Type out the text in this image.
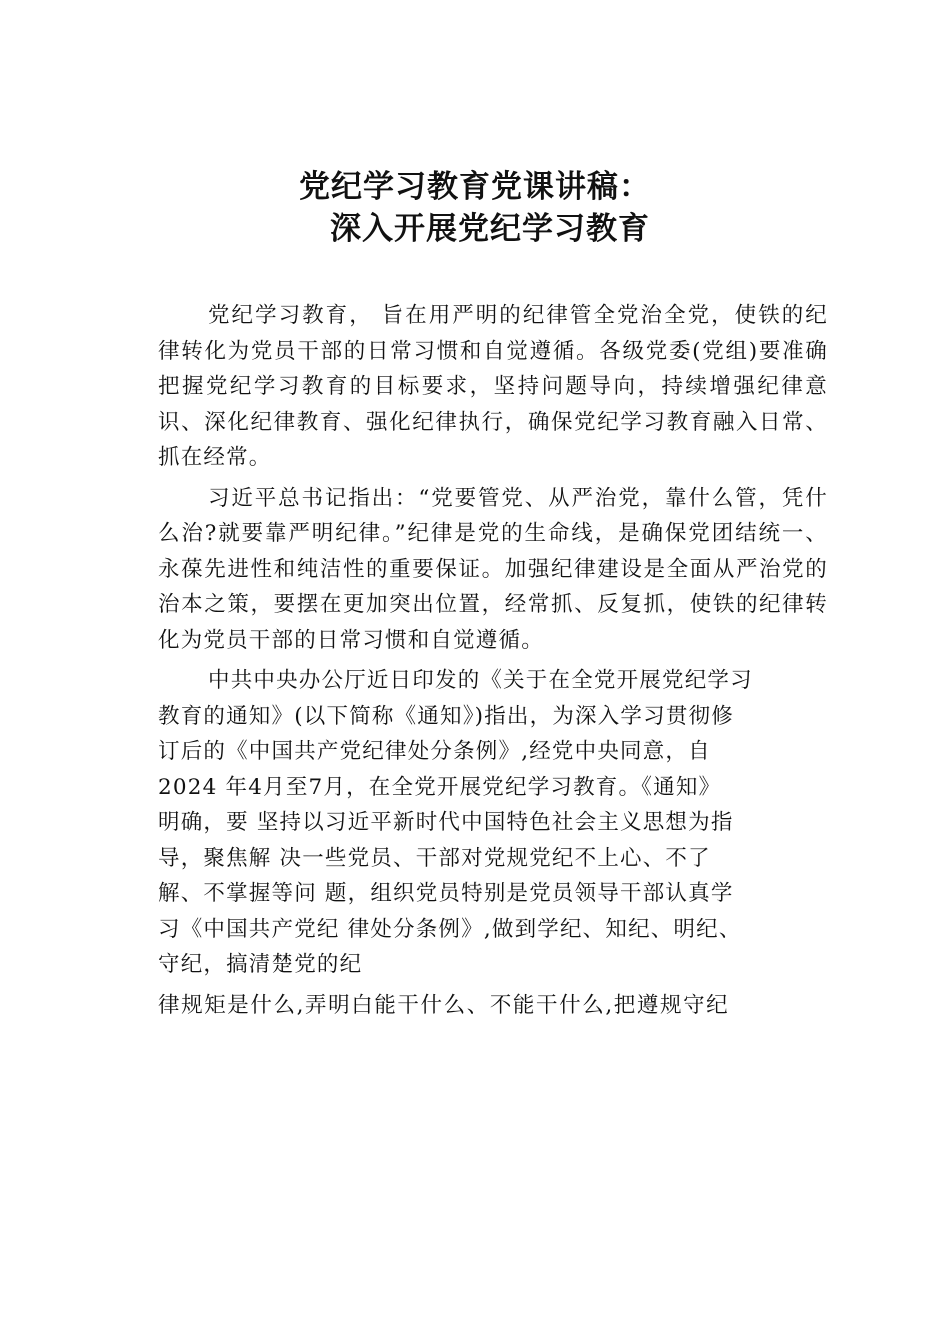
党纪学习教育党课讲稿：
深入开展党纪学习教育

党纪学习教育， 旨在用严明的纪律管全党治全党，使铁的纪律转化为党员干部的日常习惯和自觉遵循。各级党委(党组)要准确把握党纪学习教育的目标要求，坚持问题导向，持续增强纪律意识、深化纪律教育、强化纪律执行，确保党纪学习教育融入日常、抓在经常。

习近平总书记指出：“党要管党、从严治党，靠什么管，凭什么治?就要靠严明纪律。”纪律是党的生命线，是确保党团结统一、永葆先进性和纯洁性的重要保证。加强纪律建设是全面从严治党的治本之策，要摆在更加突出位置，经常抓、反复抓，使铁的纪律转化为党员干部的日常习惯和自觉遵循。

中共中央办公厅近日印发的《关于在全党开展党纪学习
教育的通知》(以下简称《通知》)指出，为深入学习贯彻修
订后的《中国共产党纪律处分条例》,经党中央同意，自
2024 年4月至7月，在全党开展党纪学习教育。《通知》
明确，要 坚持以习近平新时代中国特色社会主义思想为指
导，聚焦解 决一些党员、干部对党规党纪不上心、不了
解、不掌握等问 题，组织党员特别是党员领导干部认真学
习《中国共产党纪 律处分条例》,做到学纪、知纪、明纪、
守纪，搞清楚党的纪
律规矩是什么,弄明白能干什么、不能干什么,把遵规守纪
